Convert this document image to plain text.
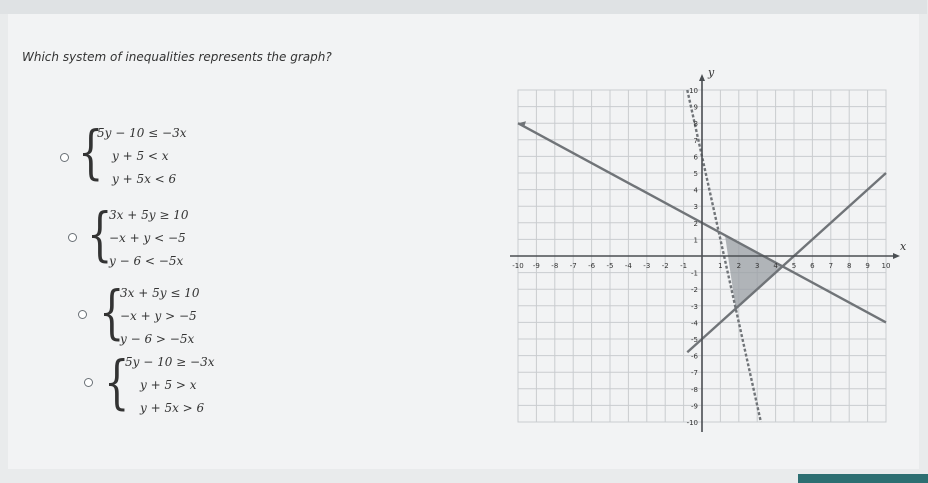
Which system of inequalities represents the graph?
{
5y − 10 ≤ −3x
y + 5 < x
y + 5x < 6
{
3x + 5y ≥ 10
−x + y < −5
y − 6 < −5x
{
3x + 5y ≤ 10
−x + y > −5
y − 6 > −5x
{
5y − 10 ≥ −3x
y + 5 > x
y + 5x > 6
-10 -9 -8 -7 -6 -5 -4 -3 -2 -1	1 2 3 4 5 6 7 8 9 10
10
9
8
7
6
5
4
3
2
1
-1
-2
-3
-4
-5
-6
-7
-8
-9
-10
x
y
